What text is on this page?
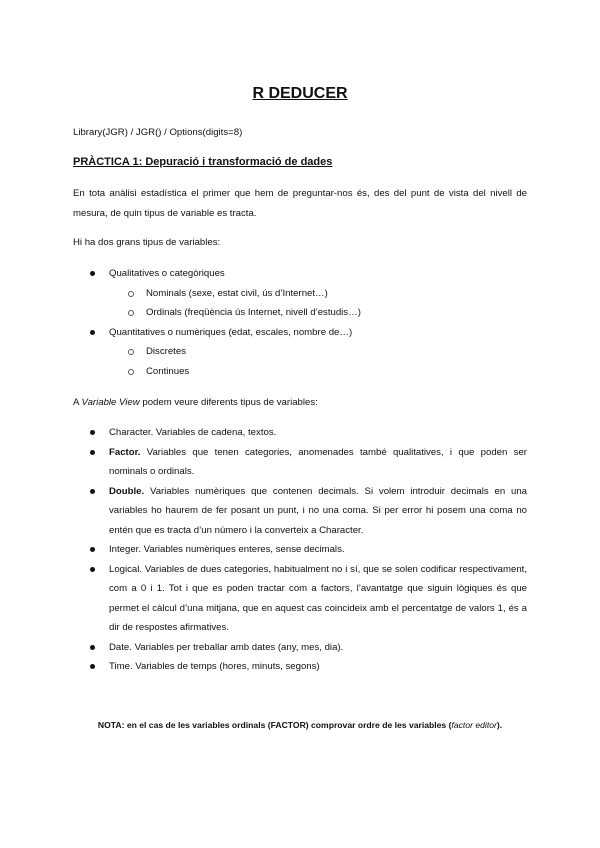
R DEDUCER
Library(JGR) / JGR() / Options(digits=8)
PRÀCTICA 1: Depuració i transformació de dades
En tota anàlisi estadística el primer que hem de preguntar-nos és, des del punt de vista del nivell de mesura, de quin tipus de variable es tracta.
Hi ha dos grans tipus de variables:
Qualitatives o categòriques
Nominals (sexe, estat civil, ús d’Internet…)
Ordinals (freqüència ús Internet, nivell d’estudis…)
Quantitatives o numèriques (edat, escales, nombre de…)
Discretes
Continues
A Variable View podem veure diferents tipus de variables:
Character. Variables de cadena, textos.
Factor. Variables que tenen categories, anomenades també qualitatives, i que poden ser nominals o ordinals.
Double. Variables numèriques que contenen decimals. Si volem introduir decimals en una variables ho haurem de fer posant un punt, i no una coma. Si per error hi posem una coma no entén que es tracta d’un número i la converteix a Character.
Integer. Variables numèriques enteres, sense decimals.
Logical. Variables de dues categories, habitualment no i sí, que se solen codificar respectivament, com a 0 i 1. Tot i que es poden tractar com a factors, l’avantatge que siguin lògiques és que permet el càlcul d’una mitjana, que en aquest cas coincideix amb el percentatge de valors 1, és a dir de respostes afirmatives.
Date. Variables per treballar amb dates (any, mes, dia).
Time. Variables de temps (hores, minuts, segons)
NOTA: en el cas de les variables ordinals (FACTOR) comprovar ordre de les variables (factor editor).
